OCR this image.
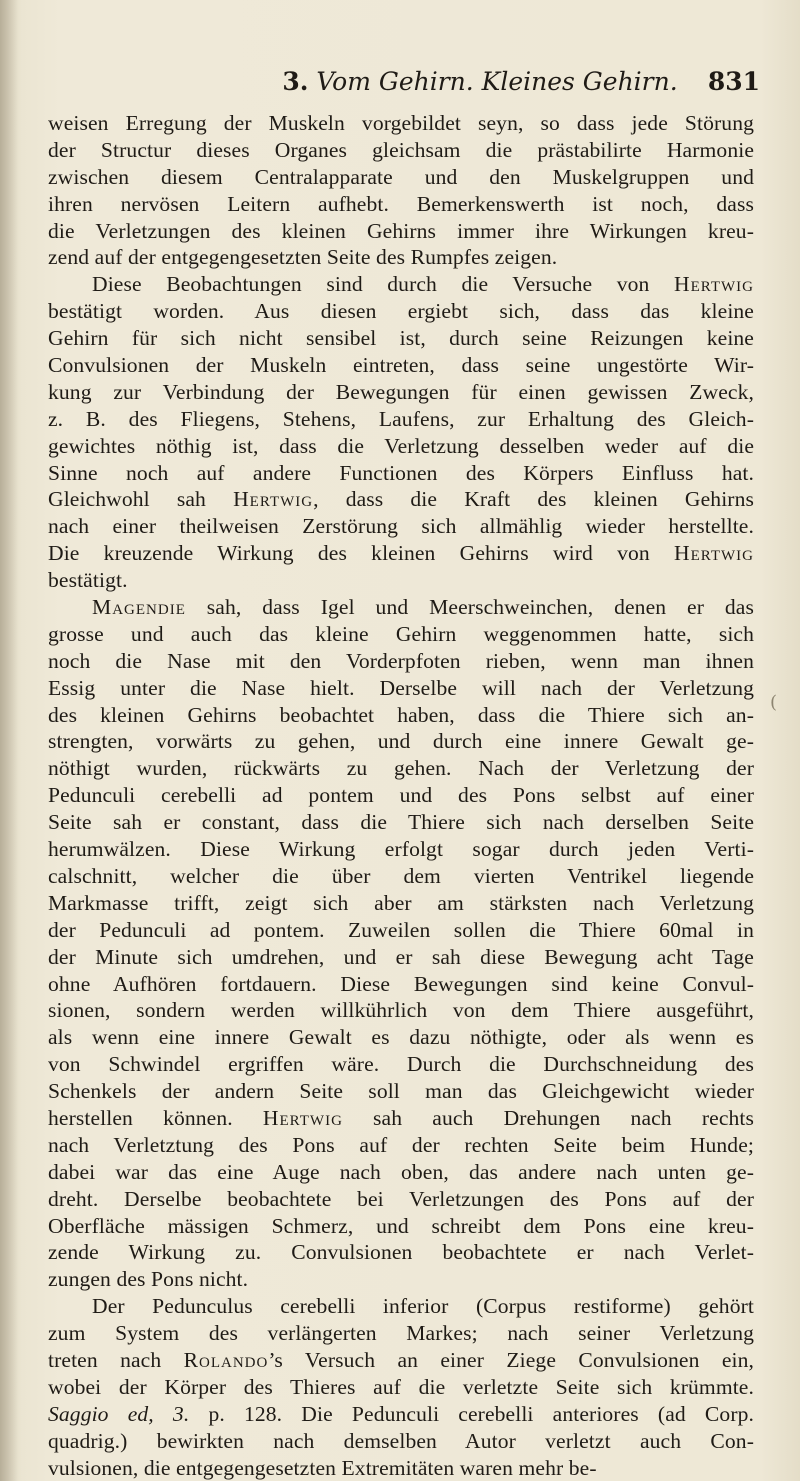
3. Vom Gehirn. Kleines Gehirn.	831
weisen Erregung der Muskeln vorgebildet seyn, so dass jede Störung
der Structur dieses Organes gleichsam die prästabilirte Harmonie
zwischen diesem Centralapparate und den Muskelgruppen und
ihren nervösen Leitern aufhebt. Bemerkenswerth ist noch, dass
die Verletzungen des kleinen Gehirns immer ihre Wirkungen kreu-
zend auf der entgegengesetzten Seite des Rumpfes zeigen.
Diese Beobachtungen sind durch die Versuche von Hertwig
bestätigt worden. Aus diesen ergiebt sich, dass das kleine
Gehirn für sich nicht sensibel ist, durch seine Reizungen keine
Convulsionen der Muskeln eintreten, dass seine ungestörte Wir-
kung zur Verbindung der Bewegungen für einen gewissen Zweck,
z. B. des Fliegens, Stehens, Laufens, zur Erhaltung des Gleich-
gewichtes nöthig ist, dass die Verletzung desselben weder auf die
Sinne noch auf andere Functionen des Körpers Einfluss hat.
Gleichwohl sah Hertwig, dass die Kraft des kleinen Gehirns
nach einer theilweisen Zerstörung sich allmählig wieder herstellte.
Die kreuzende Wirkung des kleinen Gehirns wird von Hertwig
bestätigt.
Magendie sah, dass Igel und Meerschweinchen, denen er das
grosse und auch das kleine Gehirn weggenommen hatte, sich
noch die Nase mit den Vorderpfoten rieben, wenn man ihnen
Essig unter die Nase hielt. Derselbe will nach der Verletzung
des kleinen Gehirns beobachtet haben, dass die Thiere sich an-
strengten, vorwärts zu gehen, und durch eine innere Gewalt ge-
nöthigt wurden, rückwärts zu gehen. Nach der Verletzung der
Pedunculi cerebelli ad pontem und des Pons selbst auf einer
Seite sah er constant, dass die Thiere sich nach derselben Seite
herumwälzen. Diese Wirkung erfolgt sogar durch jeden Verti-
calschnitt, welcher die über dem vierten Ventrikel liegende
Markmasse trifft, zeigt sich aber am stärksten nach Verletzung
der Pedunculi ad pontem. Zuweilen sollen die Thiere 60mal in
der Minute sich umdrehen, und er sah diese Bewegung acht Tage
ohne Aufhören fortdauern. Diese Bewegungen sind keine Convul-
sionen, sondern werden willkührlich von dem Thiere ausgeführt,
als wenn eine innere Gewalt es dazu nöthigte, oder als wenn es
von Schwindel ergriffen wäre. Durch die Durchschneidung des
Schenkels der andern Seite soll man das Gleichgewicht wieder
herstellen können. Hertwig sah auch Drehungen nach rechts
nach Verletztung des Pons auf der rechten Seite beim Hunde;
dabei war das eine Auge nach oben, das andere nach unten ge-
dreht. Derselbe beobachtete bei Verletzungen des Pons auf der
Oberfläche mässigen Schmerz, und schreibt dem Pons eine kreu-
zende Wirkung zu. Convulsionen beobachtete er nach Verlet-
zungen des Pons nicht.
Der Pedunculus cerebelli inferior (Corpus restiforme) gehört
zum System des verlängerten Markes; nach seiner Verletzung
treten nach Rolando’s Versuch an einer Ziege Convulsionen ein,
wobei der Körper des Thieres auf die verletzte Seite sich krümmte.
Saggio ed, 3. p. 128. Die Pedunculi cerebelli anteriores (ad Corp.
quadrig.) bewirkten nach demselben Autor verletzt auch Con-
vulsionen, die entgegengesetzten Extremitäten waren mehr be-
(
